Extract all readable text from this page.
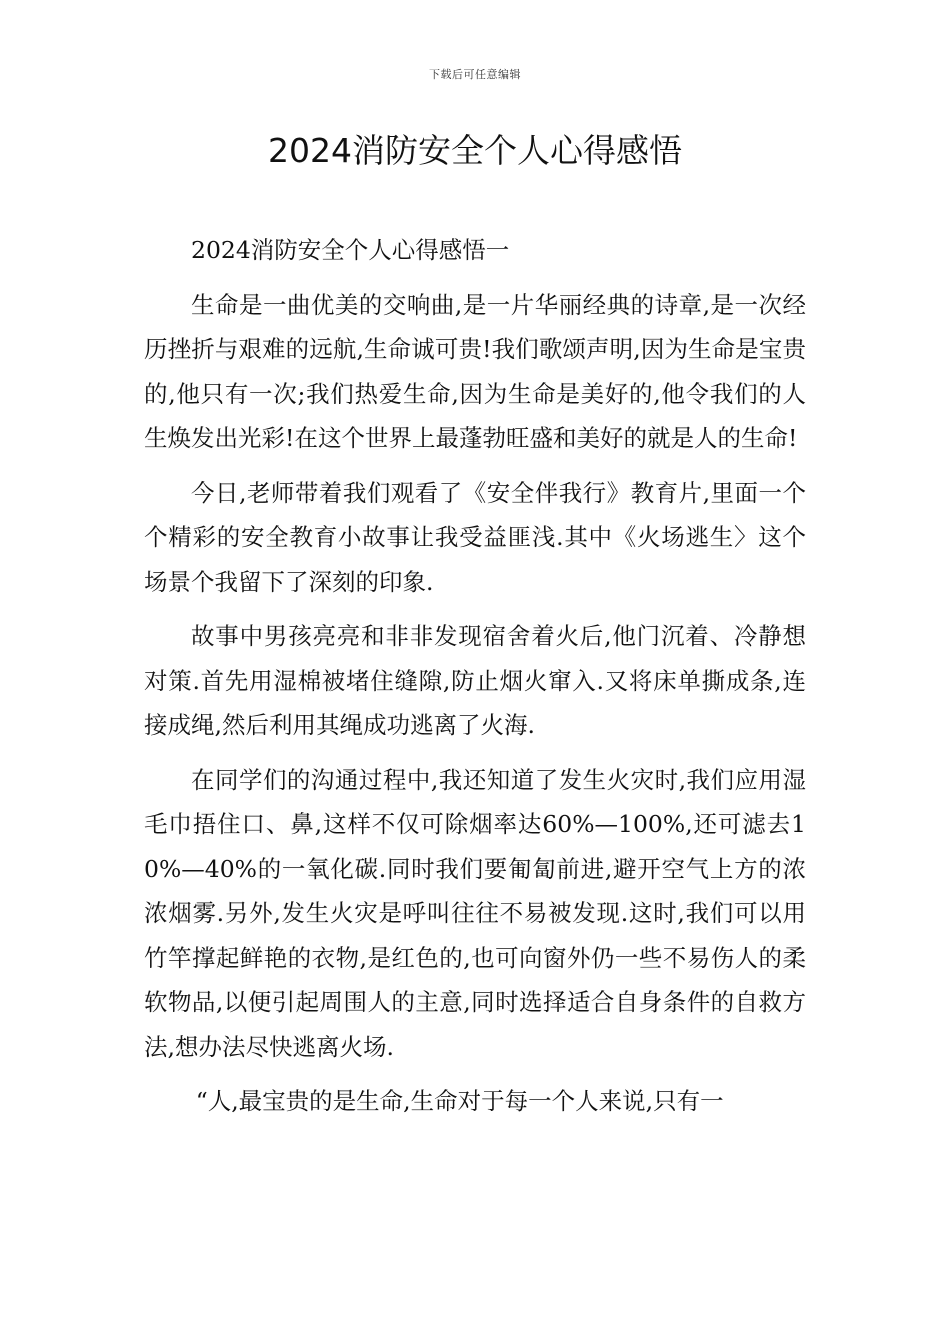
下载后可任意编辑
2024消防安全个人心得感悟

2024消防安全个人心得感悟一

生命是一曲优美的交响曲,是一片华丽经典的诗章,是一次经历挫折与艰难的远航,生命诚可贵!我们歌颂声明,因为生命是宝贵的,他只有一次;我们热爱生命,因为生命是美好的,他令我们的人生焕发出光彩!在这个世界上最蓬勃旺盛和美好的就是人的生命!

今日,老师带着我们观看了《安全伴我行》教育片,里面一个个精彩的安全教育小故事让我受益匪浅.其中《火场逃生〉这个场景个我留下了深刻的印象.

故事中男孩亮亮和非非发现宿舍着火后,他门沉着、冷静想对策.首先用湿棉被堵住缝隙,防止烟火窜入.又将床单撕成条,连接成绳,然后利用其绳成功逃离了火海.

在同学们的沟通过程中,我还知道了发生火灾时,我们应用湿毛巾捂住口、鼻,这样不仅可除烟率达60%—100%,还可滤去10%—40%的一氧化碳.同时我们要匍匐前进,避开空气上方的浓浓烟雾.另外,发生火灾是呼叫往往不易被发现.这时,我们可以用竹竿撑起鲜艳的衣物,是红色的,也可向窗外仍一些不易伤人的柔软物品,以便引起周围人的主意,同时选择适合自身条件的自救方法,想办法尽快逃离火场.

“人,最宝贵的是生命,生命对于每一个人来说,只有一
